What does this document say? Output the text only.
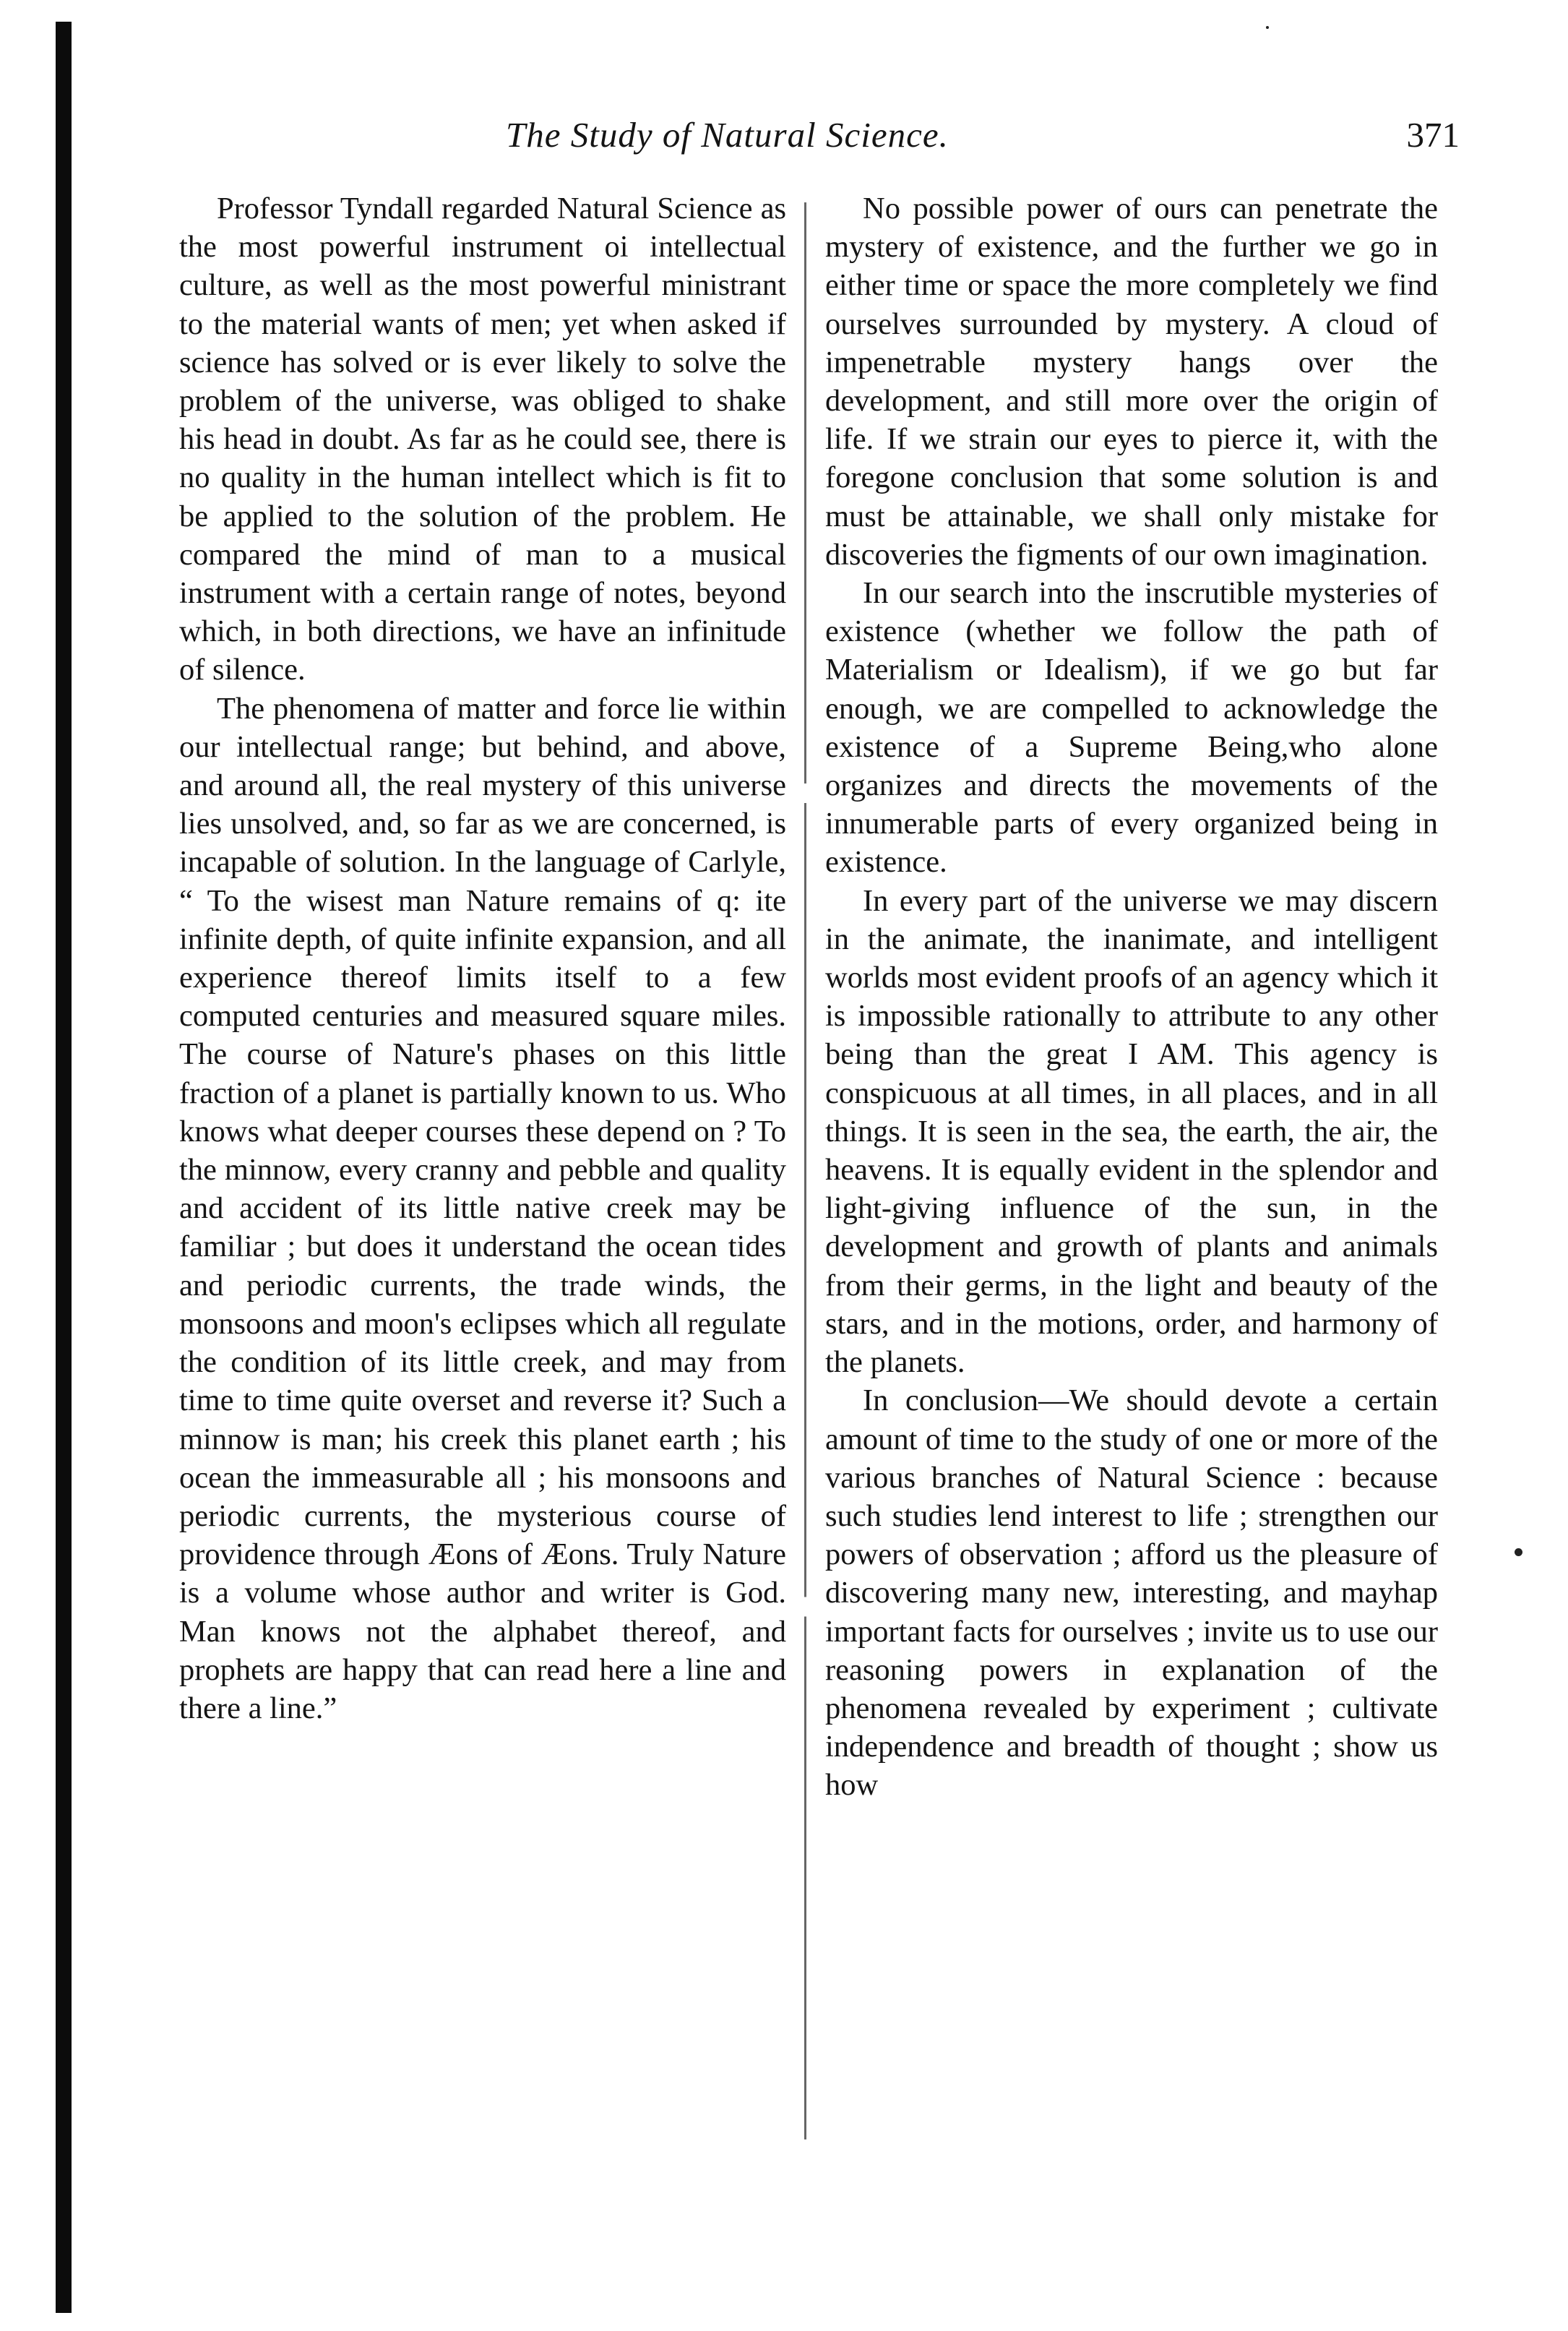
The Study of Natural Science.	371

Professor Tyndall regarded Natural Science as the most powerful instrument oi intellectual culture, as well as the most powerful ministrant to the material wants of men; yet when asked if science has solved or is ever likely to solve the problem of the universe, was obliged to shake his head in doubt. As far as he could see, there is no quality in the human intellect which is fit to be applied to the solution of the problem. He compared the mind of man to a musical instrument with a certain range of notes, beyond which, in both directions, we have an infinitude of silence.

The phenomena of matter and force lie within our intellectual range; but behind, and above, and around all, the real mystery of this universe lies unsolved, and, so far as we are concerned, is incapable of solution. In the language of Carlyle, “ To the wisest man Nature remains of q: ite infinite depth, of quite infinite expansion, and all experience thereof limits itself to a few computed centuries and measured square miles. The course of Nature's phases on this little fraction of a planet is partially known to us. Who knows what deeper courses these depend on ? To the minnow, every cranny and pebble and quality and accident of its little native creek may be familiar ; but does it understand the ocean tides and periodic currents, the trade winds, the monsoons and moon's eclipses which all regulate the condition of its little creek, and may from time to time quite overset and reverse it? Such a minnow is man; his creek this planet earth ; his ocean the immeasurable all ; his monsoons and periodic currents, the mysterious course of providence through Æons of Æons. Truly Nature is a volume whose author and writer is God. Man knows not the alphabet thereof, and prophets are happy that can read here a line and there a line.”

No possible power of ours can penetrate the mystery of existence, and the further we go in either time or space the more completely we find ourselves surrounded by mystery. A cloud of impenetrable mystery hangs over the development, and still more over the origin of life. If we strain our eyes to pierce it, with the foregone conclusion that some solution is and must be attainable, we shall only mistake for discoveries the figments of our own imagination.

In our search into the inscrutible mysteries of existence (whether we follow the path of Materialism or Idealism), if we go but far enough, we are compelled to acknowledge the existence of a Supreme Being,who alone organizes and directs the movements of the innumerable parts of every organized being in existence.

In every part of the universe we may discern in the animate, the inanimate, and intelligent worlds most evident proofs of an agency which it is impossible rationally to attribute to any other being than the great I AM. This agency is conspicuous at all times, in all places, and in all things. It is seen in the sea, the earth, the air, the heavens. It is equally evident in the splendor and light-giving influence of the sun, in the development and growth of plants and animals from their germs, in the light and beauty of the stars, and in the motions, order, and harmony of the planets.

In conclusion—We should devote a certain amount of time to the study of one or more of the various branches of Natural Science : because such studies lend interest to life ; strengthen our powers of observation ; afford us the pleasure of discovering many new, interesting, and mayhap important facts for ourselves ; invite us to use our reasoning powers in explanation of the phenomena revealed by experiment ; cultivate independence and breadth of thought ; show us how
